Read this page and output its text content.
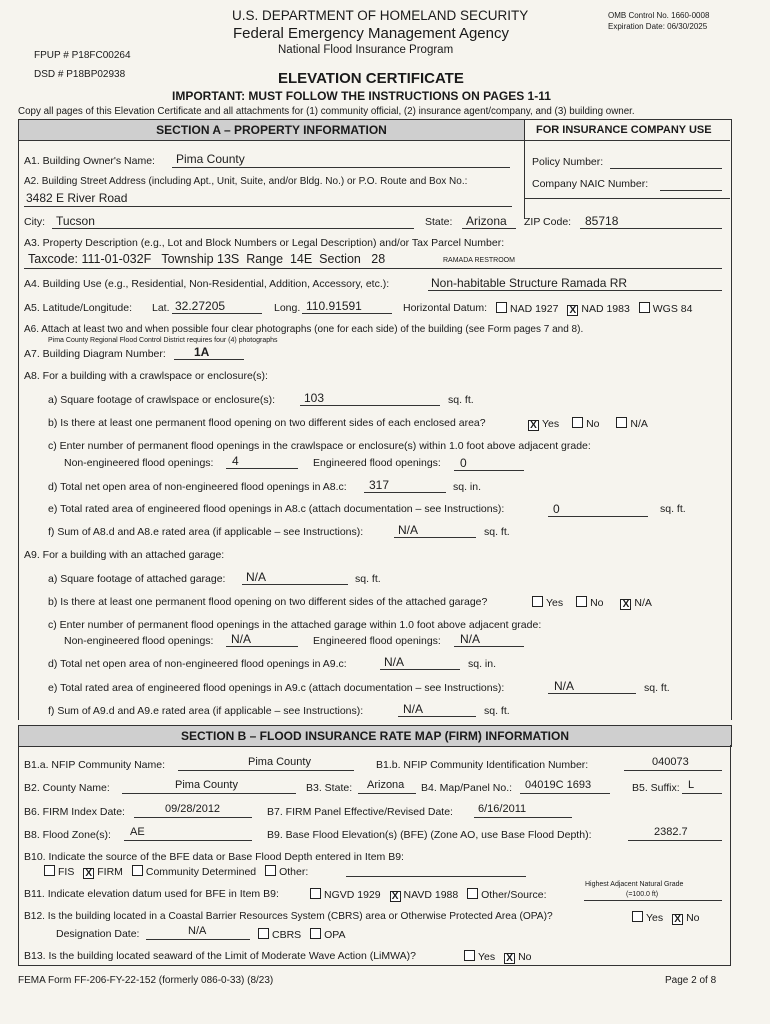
U.S. DEPARTMENT OF HOMELAND SECURITY
Federal Emergency Management Agency
National Flood Insurance Program
OMB Control No. 1660-0008
Expiration Date: 06/30/2025
FPUP # P18FC00264
DSD # P18BP02938	ELEVATION CERTIFICATE
IMPORTANT: MUST FOLLOW THE INSTRUCTIONS ON PAGES 1-11
Copy all pages of this Elevation Certificate and all attachments for (1) community official, (2) insurance agent/company, and (3) building owner.
SECTION A – PROPERTY INFORMATION	FOR INSURANCE COMPANY USE
Policy Number:
Company NAIC Number:
A1. Building Owner's Name: Pima County
A2. Building Street Address (including Apt., Unit, Suite, and/or Bldg. No.) or P.O. Route and Box No.:
3482 E River Road
City: Tucson	State: Arizona ZIP Code: 85718
A3. Property Description (e.g., Lot and Block Numbers or Legal Description) and/or Tax Parcel Number:
Taxcode: 111-01-032F   Township 13S  Range  14E  Section   28	RAMADA RESTROOM
A4. Building Use (e.g., Residential, Non-Residential, Addition, Accessory, etc.):	Non-habitable Structure Ramada RR
A5. Latitude/Longitude: Lat. 32.27205	Long. 110.91591	Horizontal Datum:	NAD 1927 X NAD 1983 WGS 84
A6. Attach at least two and when possible four clear photographs (one for each side) of the building (see Form pages 7 and 8).
Pima County Regional Flood Control District requires four (4) photographs
A7. Building Diagram Number: 1A
A8. For a building with a crawlspace or enclosure(s):
a) Square footage of crawlspace or enclosure(s): 103	sq. ft.
b) Is there at least one permanent flood opening on two different sides of each enclosed area?	X Yes	No	N/A
c) Enter number of permanent flood openings in the crawlspace or enclosure(s) within 1.0 foot above adjacent grade:
Non-engineered flood openings: 4	Engineered flood openings: 0
d) Total net open area of non-engineered flood openings in A8.c: 317	sq. in.
e) Total rated area of engineered flood openings in A8.c (attach documentation – see Instructions):	0	sq. ft.
f) Sum of A8.d and A8.e rated area (if applicable – see Instructions):	N/A	sq. ft.
A9. For a building with an attached garage:
a) Square footage of attached garage: N/A	sq. ft.
b) Is there at least one permanent flood opening on two different sides of the attached garage?	Yes	No X N/A
c) Enter number of permanent flood openings in the attached garage within 1.0 foot above adjacent grade:
Non-engineered flood openings: N/A	Engineered flood openings: N/A
d) Total net open area of non-engineered flood openings in A9.c:	N/A	sq. in.
e) Total rated area of engineered flood openings in A9.c (attach documentation – see Instructions):	N/A	sq. ft.
f) Sum of A9.d and A9.e rated area (if applicable – see Instructions):	N/A	sq. ft.
SECTION B – FLOOD INSURANCE RATE MAP (FIRM) INFORMATION
B1.a. NFIP Community Name:	Pima County	B1.b. NFIP Community Identification Number:	040073
B2. County Name:	Pima County	B3. State: Arizona B4. Map/Panel No.: 04019C 1693	B5. Suffix: L
B6. FIRM Index Date:	09/28/2012	B7. FIRM Panel Effective/Revised Date: 6/16/2011
B8. Flood Zone(s): AE	B9. Base Flood Elevation(s) (BFE) (Zone AO, use Base Flood Depth):	2382.7
B10. Indicate the source of the BFE data or Base Flood Depth entered in Item B9:
FIS X FIRM Community Determined Other:
B11. Indicate elevation datum used for BFE in Item B9:	NGVD 1929 X NAVD 1988 Other/Source:
Highest Adjacent Natural Grade
(=100.0 ft)
B12. Is the building located in a Coastal Barrier Resources System (CBRS) area or Otherwise Protected Area (OPA)?	Yes X No
Designation Date:	N/A	CBRS OPA
B13. Is the building located seaward of the Limit of Moderate Wave Action (LiMWA)?	Yes X No
FEMA Form FF-206-FY-22-152 (formerly 086-0-33) (8/23)	Page 2 of 8
